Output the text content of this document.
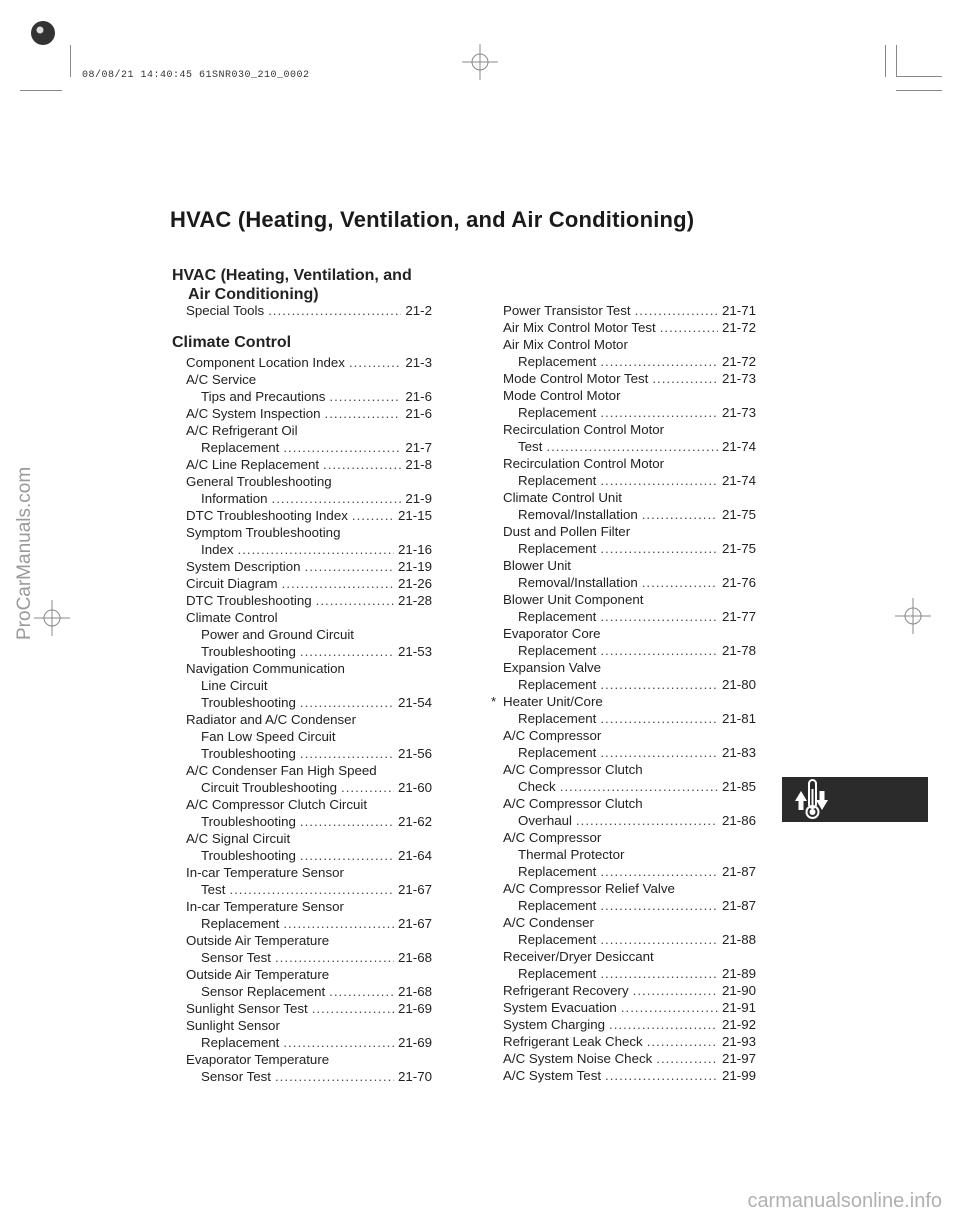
08/08/21 14:40:45 61SNR030_210_0002
ProCarManuals.com
carmanualsonline.info
HVAC (Heating, Ventilation, and Air Conditioning)
HVAC (Heating, Ventilation, and
Air Conditioning)
Climate Control
Special Tools .....	21-2
Component Location Index .....	21-3
A/C Service
Tips and Precautions .....	21-6
A/C System Inspection .....	21-6
A/C Refrigerant Oil
Replacement .....	21-7
A/C Line Replacement .....	21-8
General Troubleshooting
Information .....	21-9
DTC Troubleshooting Index .....	21-15
Symptom Troubleshooting
Index .....	21-16
System Description .....	21-19
Circuit Diagram .....	21-26
DTC Troubleshooting .....	21-28
Climate Control
Power and Ground Circuit
Troubleshooting .....	21-53
Navigation Communication
Line Circuit
Troubleshooting .....	21-54
Radiator and A/C Condenser
Fan Low Speed Circuit
Troubleshooting .....	21-56
A/C Condenser Fan High Speed
Circuit Troubleshooting .....	21-60
A/C Compressor Clutch Circuit
Troubleshooting .....	21-62
A/C Signal Circuit
Troubleshooting .....	21-64
In-car Temperature Sensor
Test .....	21-67
In-car Temperature Sensor
Replacement .....	21-67
Outside Air Temperature
Sensor Test .....	21-68
Outside Air Temperature
Sensor Replacement .....	21-68
Sunlight Sensor Test .....	21-69
Sunlight Sensor
Replacement .....	21-69
Evaporator Temperature
Sensor Test .....	21-70
Power Transistor Test .....	21-71
Air Mix Control Motor Test .....	21-72
Air Mix Control Motor
Replacement .....	21-72
Mode Control Motor Test .....	21-73
Mode Control Motor
Replacement .....	21-73
Recirculation Control Motor
Test .....	21-74
Recirculation Control Motor
Replacement .....	21-74
Climate Control Unit
Removal/Installation .....	21-75
Dust and Pollen Filter
Replacement .....	21-75
Blower Unit
Removal/Installation .....	21-76
Blower Unit Component
Replacement .....	21-77
Evaporator Core
Replacement .....	21-78
Expansion Valve
Replacement .....	21-80
* Heater Unit/Core
Replacement .....	21-81
A/C Compressor
Replacement .....	21-83
A/C Compressor Clutch
Check .....	21-85
A/C Compressor Clutch
Overhaul .....	21-86
A/C Compressor
Thermal Protector
Replacement .....	21-87
A/C Compressor Relief Valve
Replacement .....	21-87
A/C Condenser
Replacement .....	21-88
Receiver/Dryer Desiccant
Replacement .....	21-89
Refrigerant Recovery .....	21-90
System Evacuation .....	21-91
System Charging .....	21-92
Refrigerant Leak Check .....	21-93
A/C System Noise Check .....	21-97
A/C System Test .....	21-99
